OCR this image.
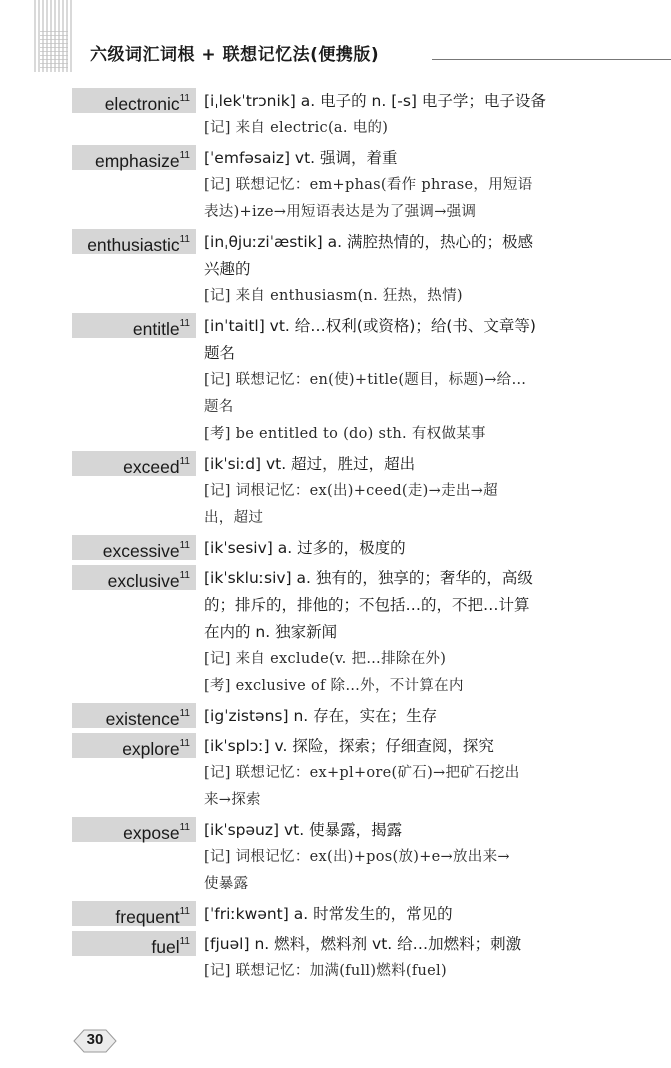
六级词汇词根 + 联想记忆法(便携版)
electronic$^{11}$ [iˌlekˈtrɔnik] a. 电子的 n. [-s] 电子学；电子设备
[记] 来自 electric(a. 电的)
emphasize$^{11}$ [ˈemfəsaiz] vt. 强调，着重
[记] 联想记忆：em+phas(看作 phrase，用短语
表达)+ize→用短语表达是为了强调→强调
enthusiastic$^{11}$ [inˌθjuːziˈæstik] a. 满腔热情的，热心的；极感
兴趣的
[记] 来自 enthusiasm(n. 狂热，热情)
entitle$^{11}$ [inˈtaitl] vt. 给…权利(或资格)；给(书、文章等)
题名
[记] 联想记忆：en(使)+title(题目，标题)→给…
题名
[考] be entitled to (do) sth. 有权做某事
exceed$^{11}$ [ikˈsiːd] vt. 超过，胜过，超出
[记] 词根记忆：ex(出)+ceed(走)→走出→超
出，超过
excessive$^{11}$ [ikˈsesiv] a. 过多的，极度的
exclusive$^{11}$ [ikˈskluːsiv] a. 独有的，独享的；奢华的，高级
的；排斥的，排他的；不包括…的，不把…计算
在内的 n. 独家新闻
[记] 来自 exclude(v. 把…排除在外)
[考] exclusive of 除…外，不计算在内
existence$^{11}$ [igˈzistəns] n. 存在，实在；生存
explore$^{11}$ [ikˈsplɔː] v. 探险，探索；仔细查阅，探究
[记] 联想记忆：ex+pl+ore(矿石)→把矿石挖出
来→探索
expose$^{11}$ [ikˈspəuz] vt. 使暴露，揭露
[记] 词根记忆：ex(出)+pos(放)+e→放出来→
使暴露
frequent$^{11}$ [ˈfriːkwənt] a. 时常发生的，常见的
fuel$^{11}$ [fjuəl] n. 燃料，燃料剂 vt. 给…加燃料；刺激
[记] 联想记忆：加满(full)燃料(fuel)
30
